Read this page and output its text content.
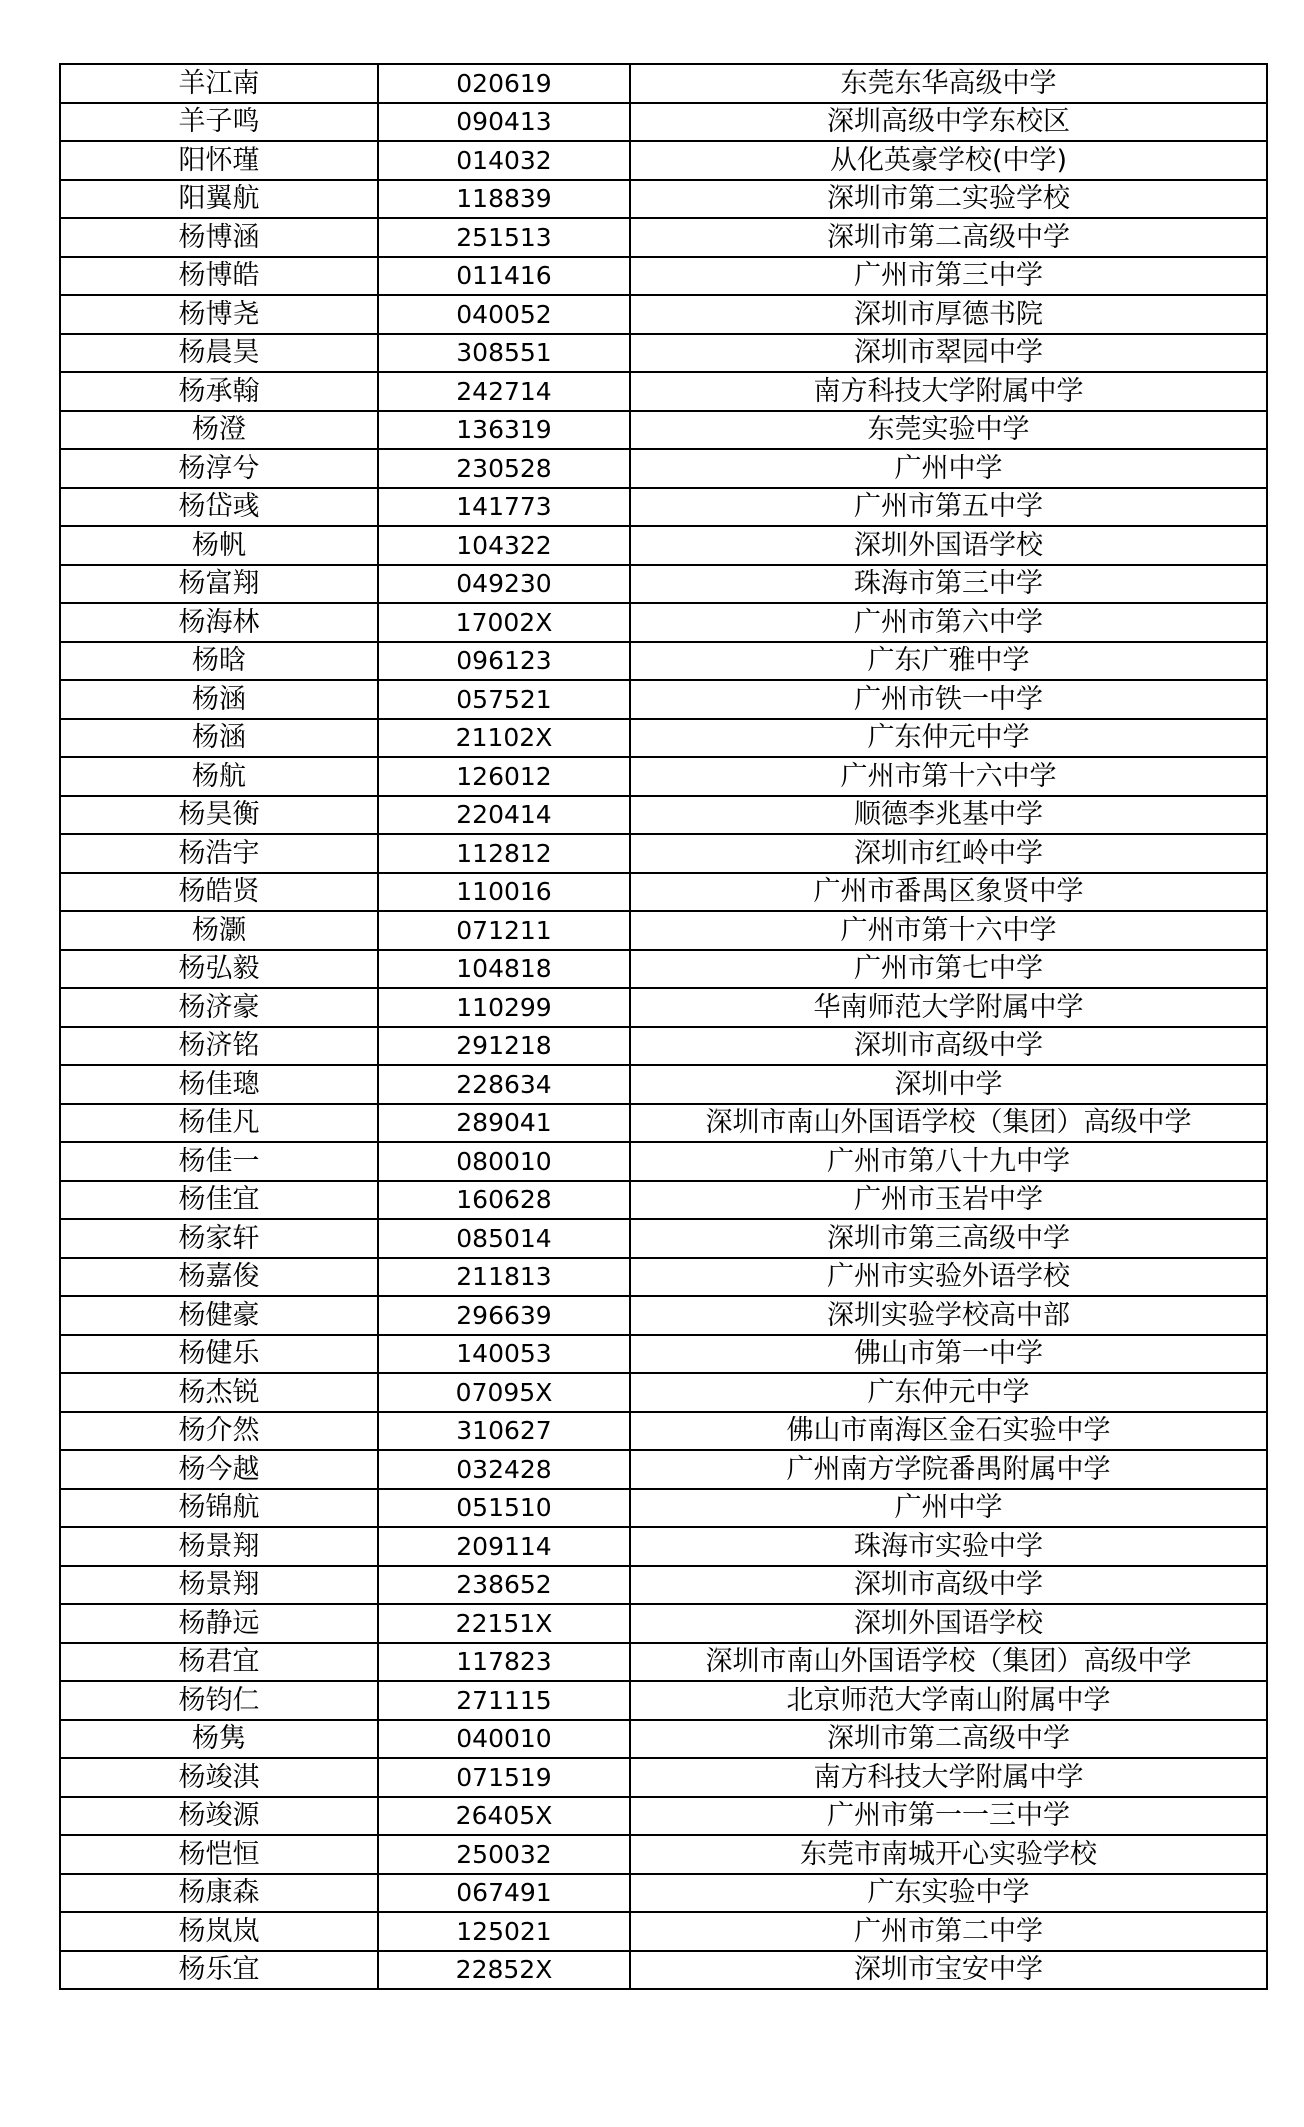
羊江南	020619	东莞东华高级中学
羊子鸣	090413	深圳高级中学东校区
阳怀瑾	014032	从化英豪学校(中学)
阳翼航	118839	深圳市第二实验学校
杨博涵	251513	深圳市第二高级中学
杨博皓	011416	广州市第三中学
杨博尧	040052	深圳市厚德书院
杨晨昊	308551	深圳市翠园中学
杨承翰	242714	南方科技大学附属中学
杨澄	136319	东莞实验中学
杨淳兮	230528	广州中学
杨岱彧	141773	广州市第五中学
杨帆	104322	深圳外国语学校
杨富翔	049230	珠海市第三中学
杨海林	17002X	广州市第六中学
杨晗	096123	广东广雅中学
杨涵	057521	广州市铁一中学
杨涵	21102X	广东仲元中学
杨航	126012	广州市第十六中学
杨昊衡	220414	顺德李兆基中学
杨浩宇	112812	深圳市红岭中学
杨皓贤	110016	广州市番禺区象贤中学
杨灏	071211	广州市第十六中学
杨弘毅	104818	广州市第七中学
杨济豪	110299	华南师范大学附属中学
杨济铭	291218	深圳市高级中学
杨佳璁	228634	深圳中学
杨佳凡	289041	深圳市南山外国语学校（集团）高级中学
杨佳一	080010	广州市第八十九中学
杨佳宜	160628	广州市玉岩中学
杨家轩	085014	深圳市第三高级中学
杨嘉俊	211813	广州市实验外语学校
杨健豪	296639	深圳实验学校高中部
杨健乐	140053	佛山市第一中学
杨杰锐	07095X	广东仲元中学
杨介然	310627	佛山市南海区金石实验中学
杨今越	032428	广州南方学院番禺附属中学
杨锦航	051510	广州中学
杨景翔	209114	珠海市实验中学
杨景翔	238652	深圳市高级中学
杨静远	22151X	深圳外国语学校
杨君宜	117823	深圳市南山外国语学校（集团）高级中学
杨钧仁	271115	北京师范大学南山附属中学
杨隽	040010	深圳市第二高级中学
杨竣淇	071519	南方科技大学附属中学
杨竣源	26405X	广州市第一一三中学
杨恺恒	250032	东莞市南城开心实验学校
杨康森	067491	广东实验中学
杨岚岚	125021	广州市第二中学
杨乐宜	22852X	深圳市宝安中学
